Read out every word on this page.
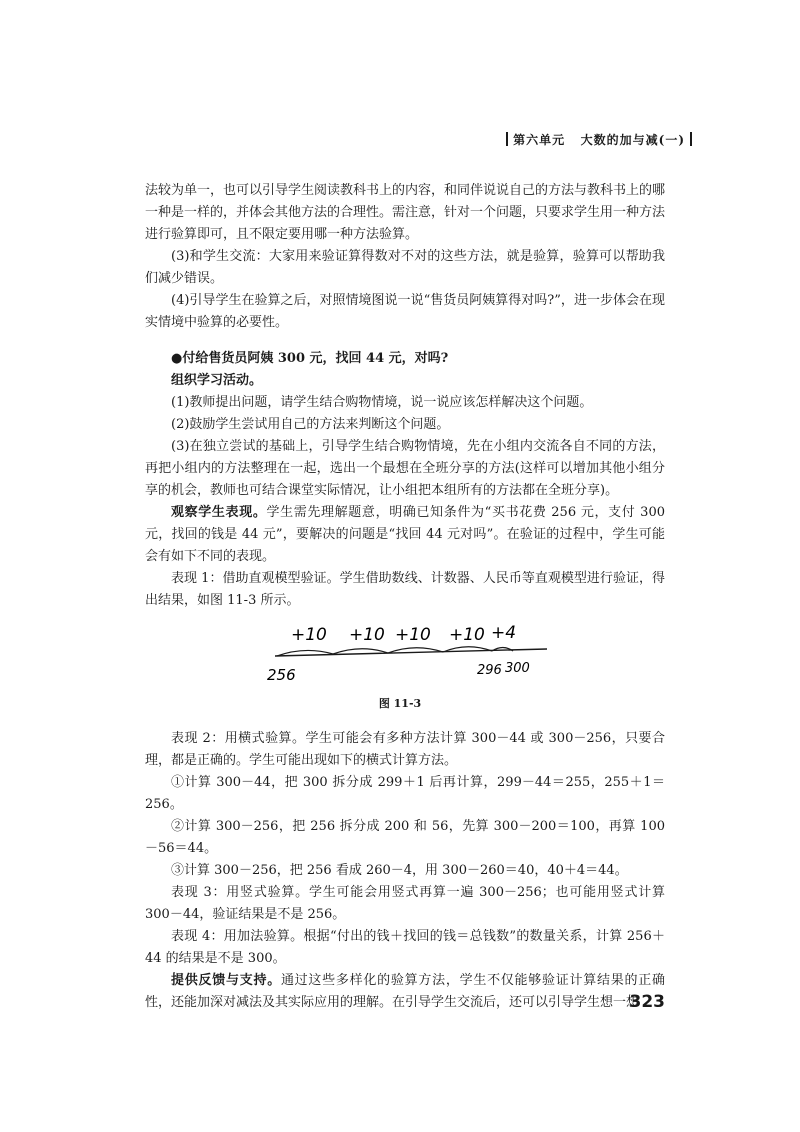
第六单元 大数的加与减(一)

法较为单一，也可以引导学生阅读教科书上的内容，和同伴说说自己的方法与教科书上的哪一种是一样的，并体会其他方法的合理性。需注意，针对一个问题，只要求学生用一种方法进行验算即可，且不限定要用哪一种方法验算。

(3)和学生交流：大家用来验证算得数对不对的这些方法，就是验算，验算可以帮助我们减少错误。

(4)引导学生在验算之后，对照情境图说一说“售货员阿姨算得对吗?”，进一步体会在现实情境中验算的必要性。

●付给售货员阿姨 300 元，找回 44 元，对吗?

组织学习活动。

(1)教师提出问题，请学生结合购物情境，说一说应该怎样解决这个问题。

(2)鼓励学生尝试用自己的方法来判断这个问题。

(3)在独立尝试的基础上，引导学生结合购物情境，先在小组内交流各自不同的方法，再把小组内的方法整理在一起，选出一个最想在全班分享的方法(这样可以增加其他小组分享的机会，教师也可结合课堂实际情况，让小组把本组所有的方法都在全班分享)。

观察学生表现。学生需先理解题意，明确已知条件为“买书花费 256 元，支付 300 元，找回的钱是 44 元”，要解决的问题是“找回 44 元对吗”。在验证的过程中，学生可能会有如下不同的表现。

表现 1：借助直观模型验证。学生借助数线、计数器、人民币等直观模型进行验证，得出结果，如图 11-3 所示。

+10 +10 +10 +10 +4
256	296 300
图 11-3

表现 2：用横式验算。学生可能会有多种方法计算 300－44 或 300－256，只要合理，都是正确的。学生可能出现如下的横式计算方法。

①计算 300－44，把 300 拆分成 299＋1 后再计算，299－44＝255，255＋1＝256。

②计算 300－256，把 256 拆分成 200 和 56，先算 300－200＝100，再算 100－56＝44。

③计算 300－256，把 256 看成 260－4，用 300－260＝40，40＋4＝44。

表现 3：用竖式验算。学生可能会用竖式再算一遍 300－256；也可能用竖式计算 300－44，验证结果是不是 256。

表现 4：用加法验算。根据“付出的钱＋找回的钱＝总钱数”的数量关系，计算 256＋44 的结果是不是 300。

提供反馈与支持。通过这些多样化的验算方法，学生不仅能够验证计算结果的正确性，还能加深对减法及其实际应用的理解。在引导学生交流后，还可以引导学生想一想

323
